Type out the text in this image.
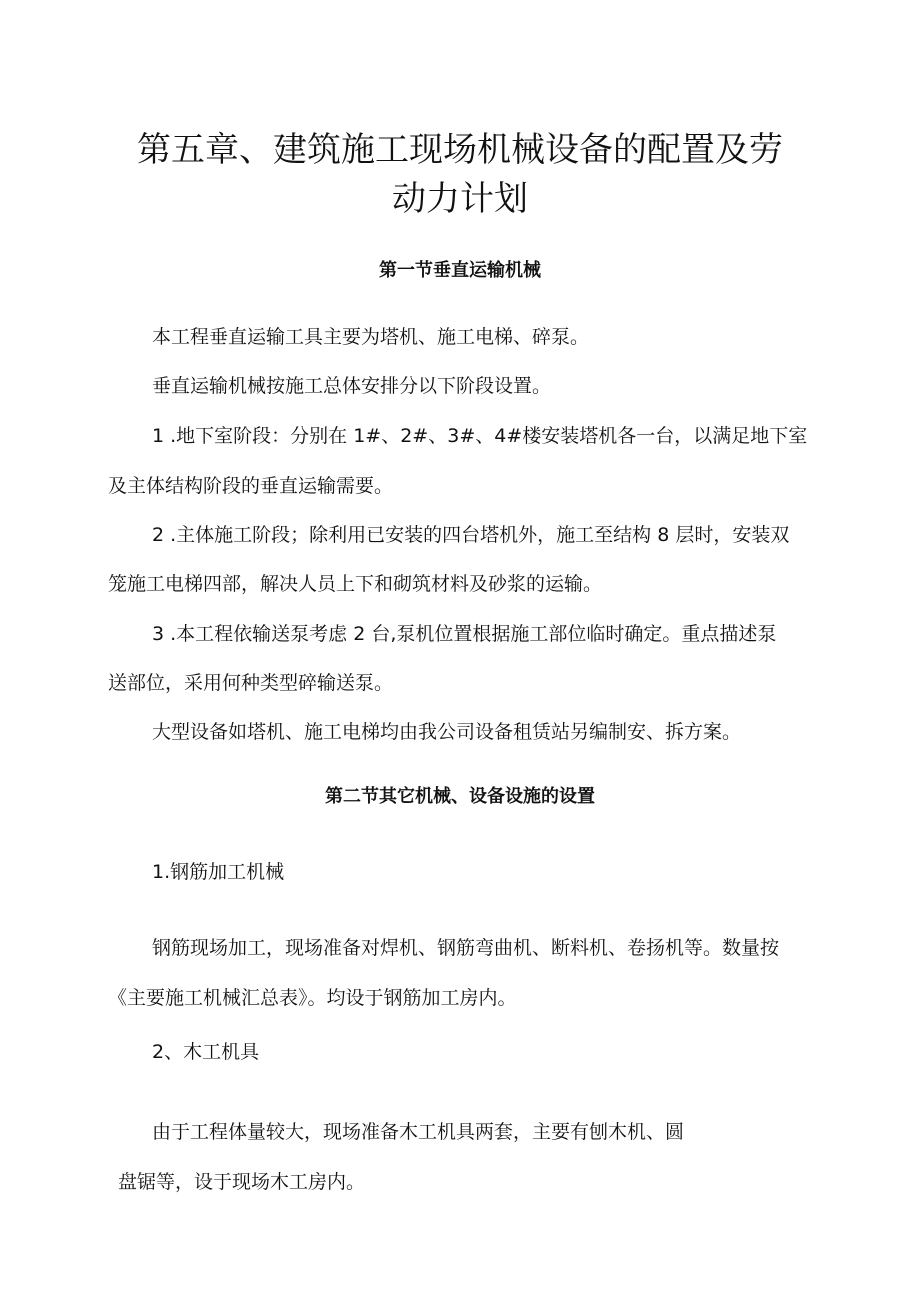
第五章、建筑施工现场机械设备的配置及劳
动力计划
第一节垂直运输机械

本工程垂直运输工具主要为塔机、施工电梯、碎泵。

垂直运输机械按施工总体安排分以下阶段设置。

1 .地下室阶段：分别在 1#、2#、3#、4#楼安装塔机各一台，以满足地下室

及主体结构阶段的垂直运输需要。

2 .主体施工阶段；除利用已安装的四台塔机外，施工至结构 8 层时，安装双

笼施工电梯四部，解决人员上下和砌筑材料及砂浆的运输。

3 .本工程依输送泵考虑 2 台,泵机位置根据施工部位临时确定。重点描述泵

送部位，采用何种类型碎输送泵。

大型设备如塔机、施工电梯均由我公司设备租赁站另编制安、拆方案。

第二节其它机械、设备设施的设置

1.钢筋加工机械

钢筋现场加工，现场准备对焊机、钢筋弯曲机、断料机、卷扬机等。数量按

《主要施工机械汇总表》。均设于钢筋加工房内。

2、木工机具

由于工程体量较大，现场准备木工机具两套，主要有刨木机、圆

盘锯等，设于现场木工房内。
